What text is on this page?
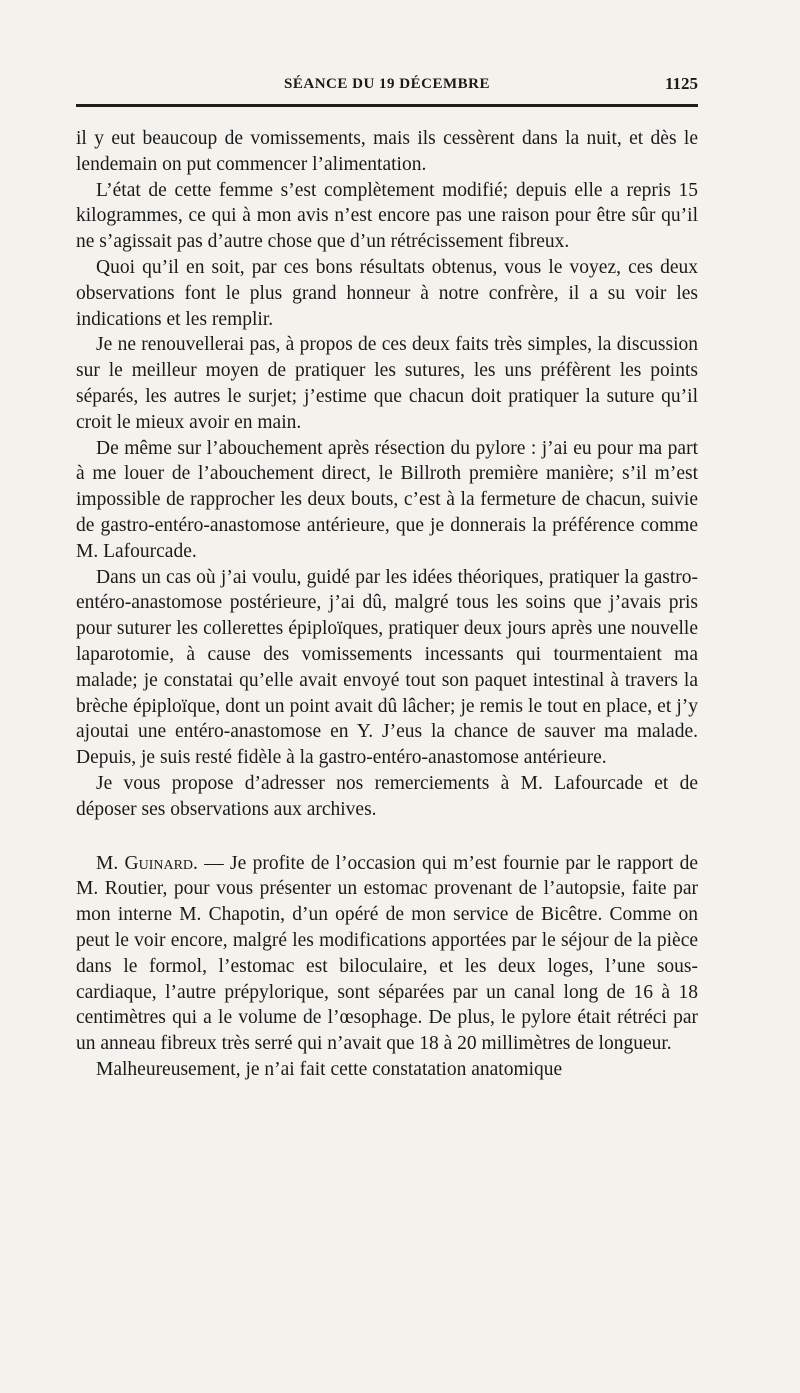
SÉANCE DU 19 DÉCEMBRE	1125

il y eut beaucoup de vomissements, mais ils cessèrent dans la nuit, et dès le lendemain on put commencer l’alimentation.

L’état de cette femme s’est complètement modifié; depuis elle a repris 15 kilogrammes, ce qui à mon avis n’est encore pas une raison pour être sûr qu’il ne s’agissait pas d’autre chose que d’un rétrécissement fibreux.

Quoi qu’il en soit, par ces bons résultats obtenus, vous le voyez, ces deux observations font le plus grand honneur à notre confrère, il a su voir les indications et les remplir.

Je ne renouvellerai pas, à propos de ces deux faits très simples, la discussion sur le meilleur moyen de pratiquer les sutures, les uns préfèrent les points séparés, les autres le surjet; j’estime que chacun doit pratiquer la suture qu’il croit le mieux avoir en main.

De même sur l’abouchement après résection du pylore : j’ai eu pour ma part à me louer de l’abouchement direct, le Billroth première manière; s’il m’est impossible de rapprocher les deux bouts, c’est à la fermeture de chacun, suivie de gastro-entéro-anastomose antérieure, que je donnerais la préférence comme M. Lafourcade.

Dans un cas où j’ai voulu, guidé par les idées théoriques, pratiquer la gastro-entéro-anastomose postérieure, j’ai dû, malgré tous les soins que j’avais pris pour suturer les collerettes épiploïques, pratiquer deux jours après une nouvelle laparotomie, à cause des vomissements incessants qui tourmentaient ma malade; je constatai qu’elle avait envoyé tout son paquet intestinal à travers la brèche épiploïque, dont un point avait dû lâcher; je remis le tout en place, et j’y ajoutai une entéro-anastomose en Y. J’eus la chance de sauver ma malade. Depuis, je suis resté fidèle à la gastro-entéro-anastomose antérieure.

Je vous propose d’adresser nos remerciements à M. Lafourcade et de déposer ses observations aux archives.

M. Guinard. — Je profite de l’occasion qui m’est fournie par le rapport de M. Routier, pour vous présenter un estomac provenant de l’autopsie, faite par mon interne M. Chapotin, d’un opéré de mon service de Bicêtre. Comme on peut le voir encore, malgré les modifications apportées par le séjour de la pièce dans le formol, l’estomac est biloculaire, et les deux loges, l’une sous-cardiaque, l’autre prépylorique, sont séparées par un canal long de 16 à 18 centimètres qui a le volume de l’œsophage. De plus, le pylore était rétréci par un anneau fibreux très serré qui n’avait que 18 à 20 millimètres de longueur.

Malheureusement, je n’ai fait cette constatation anatomique
